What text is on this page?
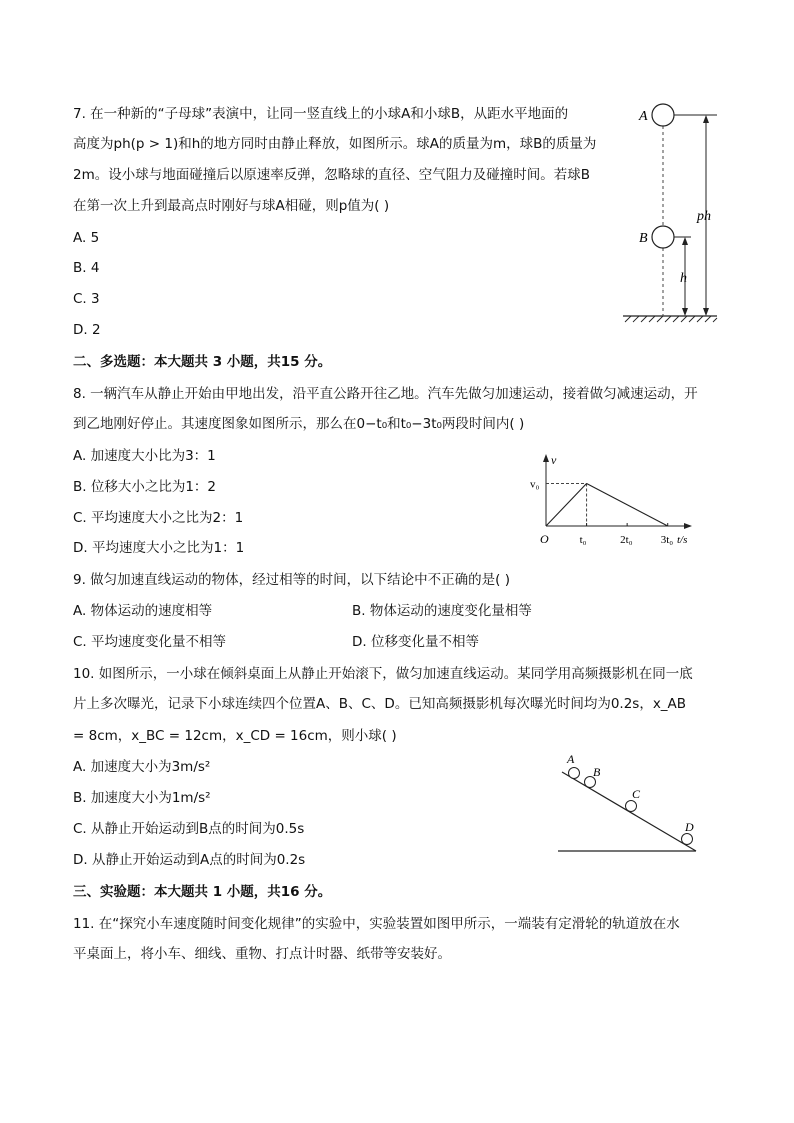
7. 在一种新的“子母球”表演中，让同一竖直线上的小球A和小球B，从距水平地面的
高度为ph(p > 1)和h的地方同时由静止释放，如图所示。球A的质量为m，球B的质量为
2m。设小球与地面碰撞后以原速率反弹，忽略球的直径、空气阻力及碰撞时间。若球B
在第一次上升到最高点时刚好与球A相碰，则p值为( )
A. 5
B. 4
C. 3
D. 2
A
B
ph
h
二、多选题：本大题共 3 小题，共15 分。
8. 一辆汽车从静止开始由甲地出发，沿平直公路开往乙地。汽车先做匀加速运动，接着做匀减速运动，开
到乙地刚好停止。其速度图象如图所示，那么在0−t₀和t₀−3t₀两段时间内( )
A. 加速度大小比为3：1
B. 位移大小之比为1：2
C. 平均速度大小之比为2：1
D. 平均速度大小之比为1：1
v
t/s
O	t₀	2t₀	3t₀
v₀
9. 做匀加速直线运动的物体，经过相等的时间，以下结论中不正确的是( )
A. 物体运动的速度相等	B. 物体运动的速度变化量相等
C. 平均速度变化量不相等	D. 位移变化量不相等
10. 如图所示，一小球在倾斜桌面上从静止开始滚下，做匀加速直线运动。某同学用高频摄影机在同一底
片上多次曝光，记录下小球连续四个位置A、B、C、D。已知高频摄影机每次曝光时间均为0.2s，x_AB
= 8cm，x_BC = 12cm，x_CD = 16cm，则小球( )
A. 加速度大小为3m/s²
B. 加速度大小为1m/s²
C. 从静止开始运动到B点的时间为0.5s
D. 从静止开始运动到A点的时间为0.2s
A
B
C
D
三、实验题：本大题共 1 小题，共16 分。
11. 在“探究小车速度随时间变化规律”的实验中，实验装置如图甲所示，一端装有定滑轮的轨道放在水
平桌面上，将小车、细线、重物、打点计时器、纸带等安装好。
